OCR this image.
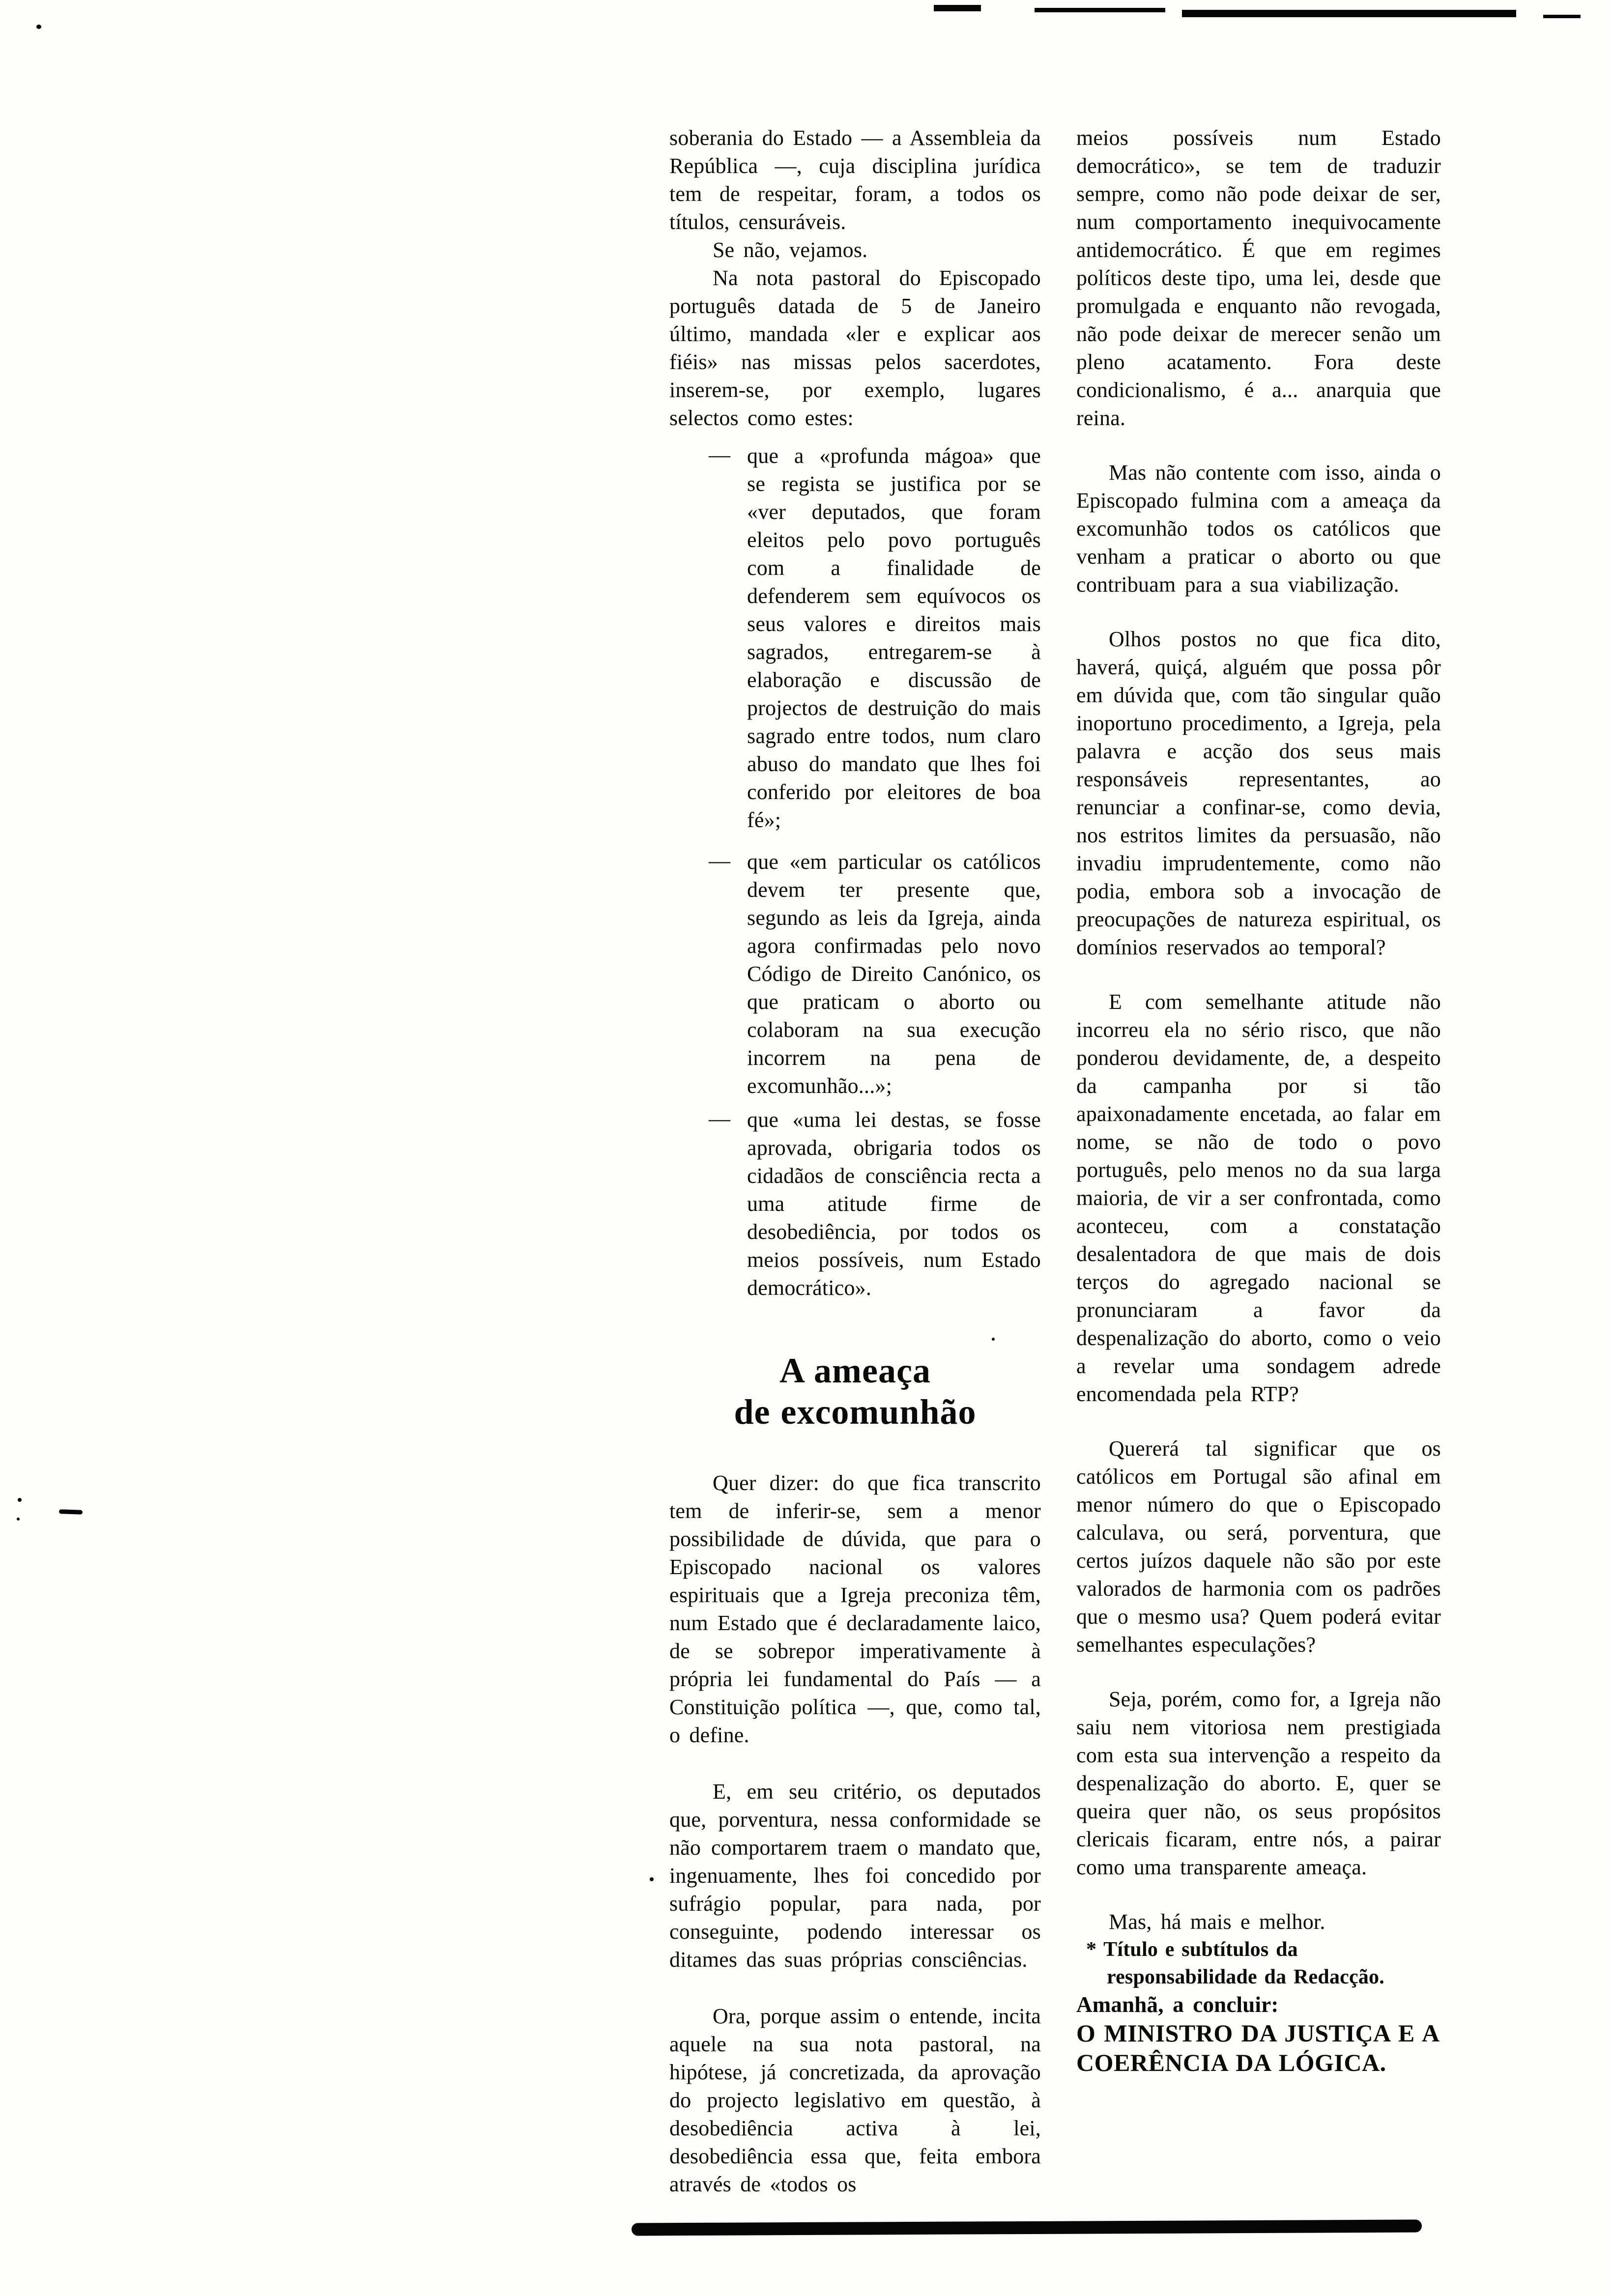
soberania do Estado — a Assembleia da República —, cuja disciplina jurídica tem de respeitar, foram, a todos os títulos, censuráveis.

Se não, vejamos.

Na nota pastoral do Episcopado português datada de 5 de Janeiro último, mandada «ler e explicar aos fiéis» nas missas pelos sacerdotes, inserem-se, por exemplo, lugares selectos como estes:

— que a «profunda mágoa» que se regista se justifica por se «ver deputados, que foram eleitos pelo povo português com a finalidade de defenderem sem equívocos os seus valores e direitos mais sagrados, entregarem-se à elaboração e discussão de projectos de destruição do mais sagrado entre todos, num claro abuso do mandato que lhes foi conferido por eleitores de boa fé»;
— que «em particular os católicos devem ter presente que, segundo as leis da Igreja, ainda agora confirmadas pelo novo Código de Direito Canónico, os que praticam o aborto ou colaboram na sua execução incorrem na pena de excomunhão...»;
— que «uma lei destas, se fosse aprovada, obrigaria todos os cidadãos de consciência recta a uma atitude firme de desobediência, por todos os meios possíveis, num Estado democrático».
A ameaça
de excomunhão

Quer dizer: do que fica transcrito tem de inferir-se, sem a menor possibilidade de dúvida, que para o Episcopado nacional os valores espirituais que a Igreja preconiza têm, num Estado que é declaradamente laico, de se sobrepor imperativamente à própria lei fundamental do País — a Constituição política —, que, como tal, o define.

E, em seu critério, os deputados que, porventura, nessa conformidade se não comportarem traem o mandato que, ingenuamente, lhes foi concedido por sufrágio popular, para nada, por conseguinte, podendo interessar os ditames das suas próprias consciências.

Ora, porque assim o entende, incita aquele na sua nota pastoral, na hipótese, já concretizada, da aprovação do projecto legislativo em questão, à desobediência activa à lei, desobediência essa que, feita embora através de «todos os

meios possíveis num Estado democrático», se tem de traduzir sempre, como não pode deixar de ser, num comportamento inequivocamente antidemocrático. É que em regimes políticos deste tipo, uma lei, desde que promulgada e enquanto não revogada, não pode deixar de merecer senão um pleno acatamento. Fora deste condicionalismo, é a... anarquia que reina.

Mas não contente com isso, ainda o Episcopado fulmina com a ameaça da excomunhão todos os católicos que venham a praticar o aborto ou que contribuam para a sua viabilização.

Olhos postos no que fica dito, haverá, quiçá, alguém que possa pôr em dúvida que, com tão singular quão inoportuno procedimento, a Igreja, pela palavra e acção dos seus mais responsáveis representantes, ao renunciar a confinar-se, como devia, nos estritos limites da persuasão, não invadiu imprudentemente, como não podia, embora sob a invocação de preocupações de natureza espiritual, os domínios reservados ao temporal?

E com semelhante atitude não incorreu ela no sério risco, que não ponderou devidamente, de, a despeito da campanha por si tão apaixonadamente encetada, ao falar em nome, se não de todo o povo português, pelo menos no da sua larga maioria, de vir a ser confrontada, como aconteceu, com a constatação desalentadora de que mais de dois terços do agregado nacional se pronunciaram a favor da despenalização do aborto, como o veio a revelar uma sondagem adrede encomendada pela RTP?

Quererá tal significar que os católicos em Portugal são afinal em menor número do que o Episcopado calculava, ou será, porventura, que certos juízos daquele não são por este valorados de harmonia com os padrões que o mesmo usa? Quem poderá evitar semelhantes especulações?

Seja, porém, como for, a Igreja não saiu nem vitoriosa nem prestigiada com esta sua intervenção a respeito da despenalização do aborto. E, quer se queira quer não, os seus propósitos clericais ficaram, entre nós, a pairar como uma transparente ameaça.

Mas, há mais e melhor.

* Título e subtítulos da responsabilidade da Redacção.

Amanhã, a concluir:

O MINISTRO DA JUSTIÇA E A COERÊNCIA DA LÓGICA.
